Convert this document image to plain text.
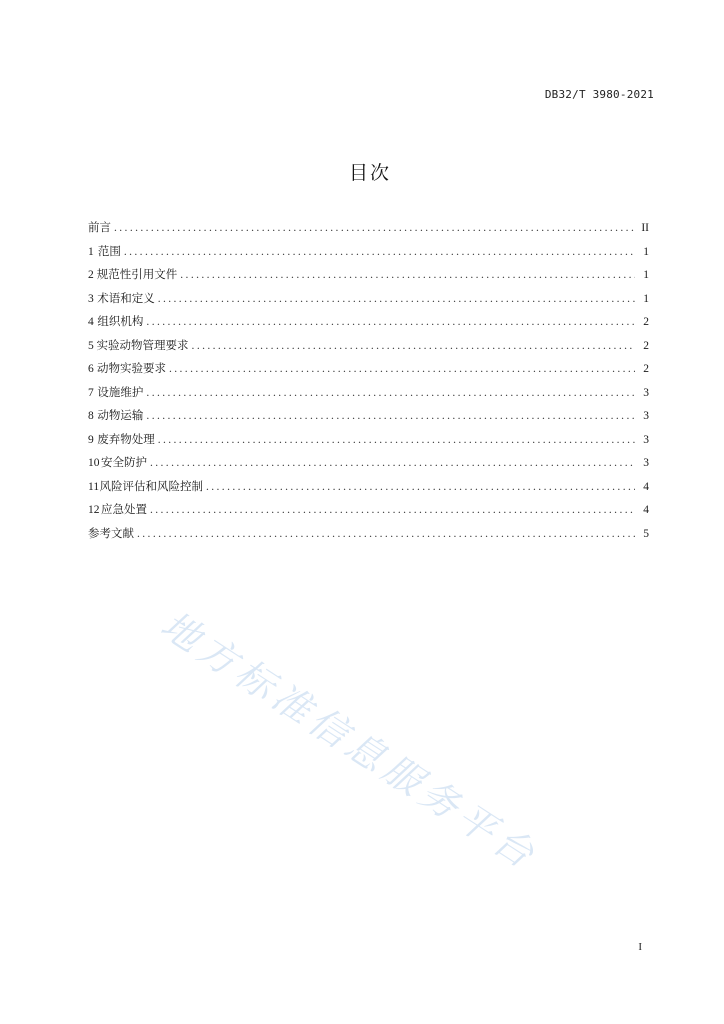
DB32/T 3980-2021
目次
前言 .....	II
1 范围 .....	1
2 规范性引用文件 .....	1
3 术语和定义 .....	1
4 组织机构 .....	2
5 实验动物管理要求 .....	2
6 动物实验要求 .....	2
7 设施维护 .....	3
8 动物运输 .....	3
9 废弃物处理 .....	3
10 安全防护 .....	3
11 风险评估和风险控制 .....	4
12 应急处置 .....	4
参考文献 .....	5
地方标准信息服务平台
I
